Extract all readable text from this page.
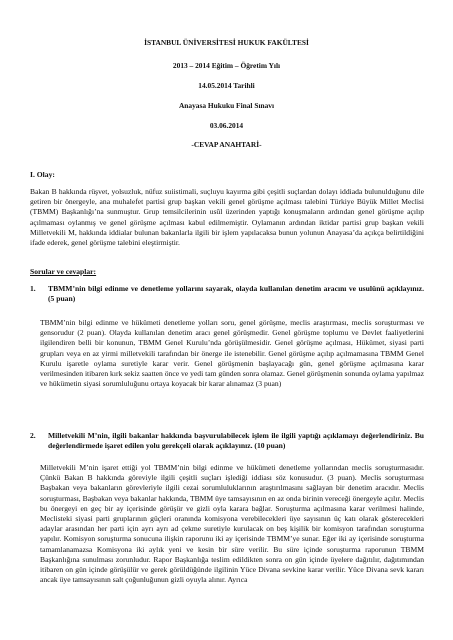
İSTANBUL ÜNİVERSİTESİ HUKUK FAKÜLTESİ
2013 – 2014 Eğitim – Öğretim Yılı
14.05.2014 Tarihli
Anayasa Hukuku Final Sınavı
03.06.2014
-CEVAP ANAHTARİ-
I. Olay:
Bakan B hakkında rüşvet, yolsuzluk, nüfuz suiistimali, suçluyu kayırma gibi çeşitli suçlardan dolayı iddiada bulunulduğunu dile getiren bir önergeyle, ana muhalefet partisi grup başkan vekili genel görüşme açılması talebini Türkiye Büyük Millet Meclisi (TBMM) Başkanlığı’na sunmuştur. Grup temsilcilerinin usûl üzerinden yaptığı konuşmaların ardından genel görüşme açılıp açılmaması oylanmış ve genel görüşme açılması kabul edilmemiştir. Oylamanın ardından iktidar partisi grup başkan vekili Milletvekili M, hakkında iddialar bulunan bakanlarla ilgili bir işlem yapılacaksa bunun yolunun Anayasa’da açıkça belirtildiğini ifade ederek, genel görüşme talebini eleştirmiştir.
Sorular ve cevaplar:
1.	TBMM’nin bilgi edinme ve denetleme yollarını sayarak, olayda kullanılan denetim aracını ve usulünü açıklayınız. (5 puan)
TBMM’nin bilgi edinme ve hükümeti denetleme yolları soru, genel görüşme, meclis araştırması, meclis soruşturması ve gensorudur (2 puan). Olayda kullanılan denetim aracı genel görüşmedir. Genel görüşme toplumu ve Devlet faaliyetlerini ilgilendiren belli bir konunun, TBMM Genel Kurulu’nda görüşülmesidir. Genel görüşme açılması, Hükümet, siyasi parti grupları veya en az yirmi milletvekili tarafından bir önerge ile istenebilir. Genel görüşme açılıp açılmamasına TBMM Genel Kurulu işaretle oylama suretiyle karar verir. Genel görüşmenin başlayacağı gün, genel görüşme açılmasına karar verilmesinden itibaren kırk sekiz saatten önce ve yedi tam günden sonra olamaz. Genel görüşmenin sonunda oylama yapılmaz ve hükümetin siyasi sorumluluğunu ortaya koyacak bir karar alınamaz (3 puan)
2.	Milletvekili M’nin, ilgili bakanlar hakkında başvurulabilecek işlem ile ilgili yaptığı açıklamayı değerlendiriniz. Bu değerlendirmede işaret edilen yolu gerekçeli olarak açıklayınız. (10 puan)
Milletvekili M’nin işaret ettiği yol TBMM’nin bilgi edinme ve hükümeti denetleme yollarından meclis soruşturmasıdır. Çünkü Bakan B hakkında göreviyle ilgili çeşitli suçları işlediği iddiası söz konusudur. (3 puan). Meclis soruşturması Başbakan veya bakanların görevleriyle ilgili cezai sorumluluklarının araştırılmasını sağlayan bir denetim aracıdır. Meclis soruşturması, Başbakan veya bakanlar hakkında, TBMM üye tamsayısının en az onda birinin vereceği önergeyle açılır. Meclis bu önergeyi en geç bir ay içerisinde görüşür ve gizli oyla karara bağlar. Soruşturma açılmasına karar verilmesi halinde, Meclisteki siyasi parti gruplarının güçleri oranında komisyona verebilecekleri üye sayısının üç katı olarak gösterecekleri adaylar arasından her parti için ayrı ayrı ad çekme suretiyle kurulacak on beş kişilik bir komisyon tarafından soruşturma yapılır. Komisyon soruşturma sonucuna ilişkin raporunu iki ay içerisinde TBMM’ye sunar. Eğer iki ay içerisinde soruşturma tamamlanamazsa Komisyona iki aylık yeni ve kesin bir süre verilir. Bu süre içinde soruşturma raporunun TBMM Başkanlığına sunulması zorunludur. Rapor Başkanlığa teslim edildikten sonra on gün içinde üyelere dağıtılır, dağıtımından itibaren on gün içinde görüşülür ve gerek görüldüğünde ilgilinin Yüce Divana sevkine karar verilir. Yüce Divana sevk kararı ancak üye tamsayısının salt çoğunluğunun gizli oyuyla alınır. Ayrıca
